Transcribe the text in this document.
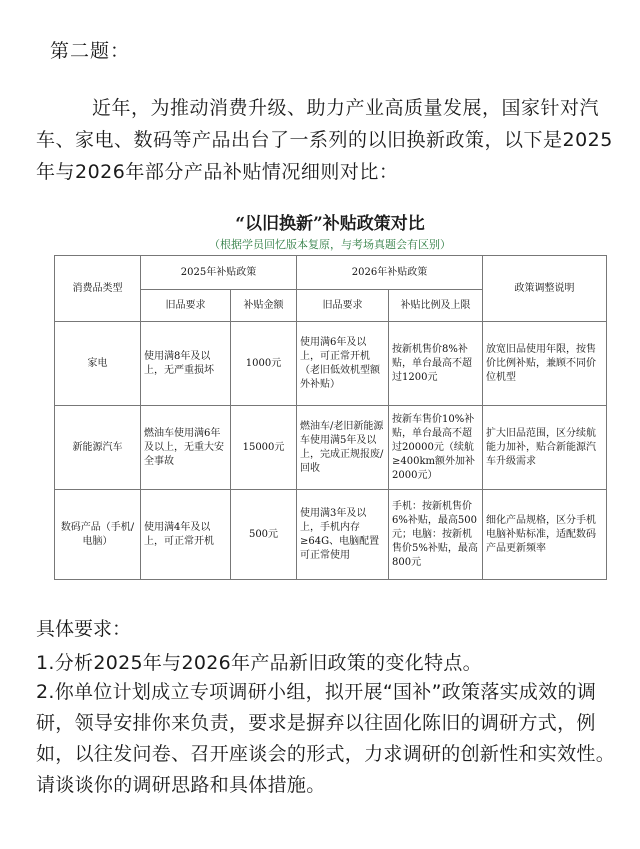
第二题：
近年，为推动消费升级、助力产业高质量发展，国家针对汽车、家电、数码等产品出台了一系列的以旧换新政策，以下是2025年与2026年部分产品补贴情况细则对比：
“以旧换新”补贴政策对比
（根据学员回忆版本复原，与考场真题会有区别）
消费品类型	2025年补贴政策		2026年补贴政策		政策调整说明
	旧品要求	补贴金额	旧品要求	补贴比例及上限	
家电	使用满8年及以上，无严重损坏	1000元	使用满6年及以上，可正常开机（老旧低效机型额外补贴）	按新机售价8%补贴，单台最高不超过1200元	放宽旧品使用年限，按售价比例补贴，兼顾不同价位机型
新能源汽车	燃油车使用满6年及以上，无重大安全事故	15000元	燃油车/老旧新能源车使用满5年及以上，完成正规报废/回收	按新车售价10%补贴，单台最高不超过20000元（续航≥400km额外加补2000元）	扩大旧品范围，区分续航能力加补，贴合新能源汽车升级需求
数码产品（手机/电脑）	使用满4年及以上，可正常开机	500元	使用满3年及以上，手机内存≥64G、电脑配置可正常使用	手机：按新机售价6%补贴，最高500元；电脑：按新机售价5%补贴，最高800元	细化产品规格，区分手机电脑补贴标准，适配数码产品更新频率
具体要求：
1.分析2025年与2026年产品新旧政策的变化特点。
2.你单位计划成立专项调研小组，拟开展“国补”政策落实成效的调研，领导安排你来负责，要求是摒弃以往固化陈旧的调研方式，例如，以往发问卷、召开座谈会的形式，力求调研的创新性和实效性。请谈谈你的调研思路和具体措施。
